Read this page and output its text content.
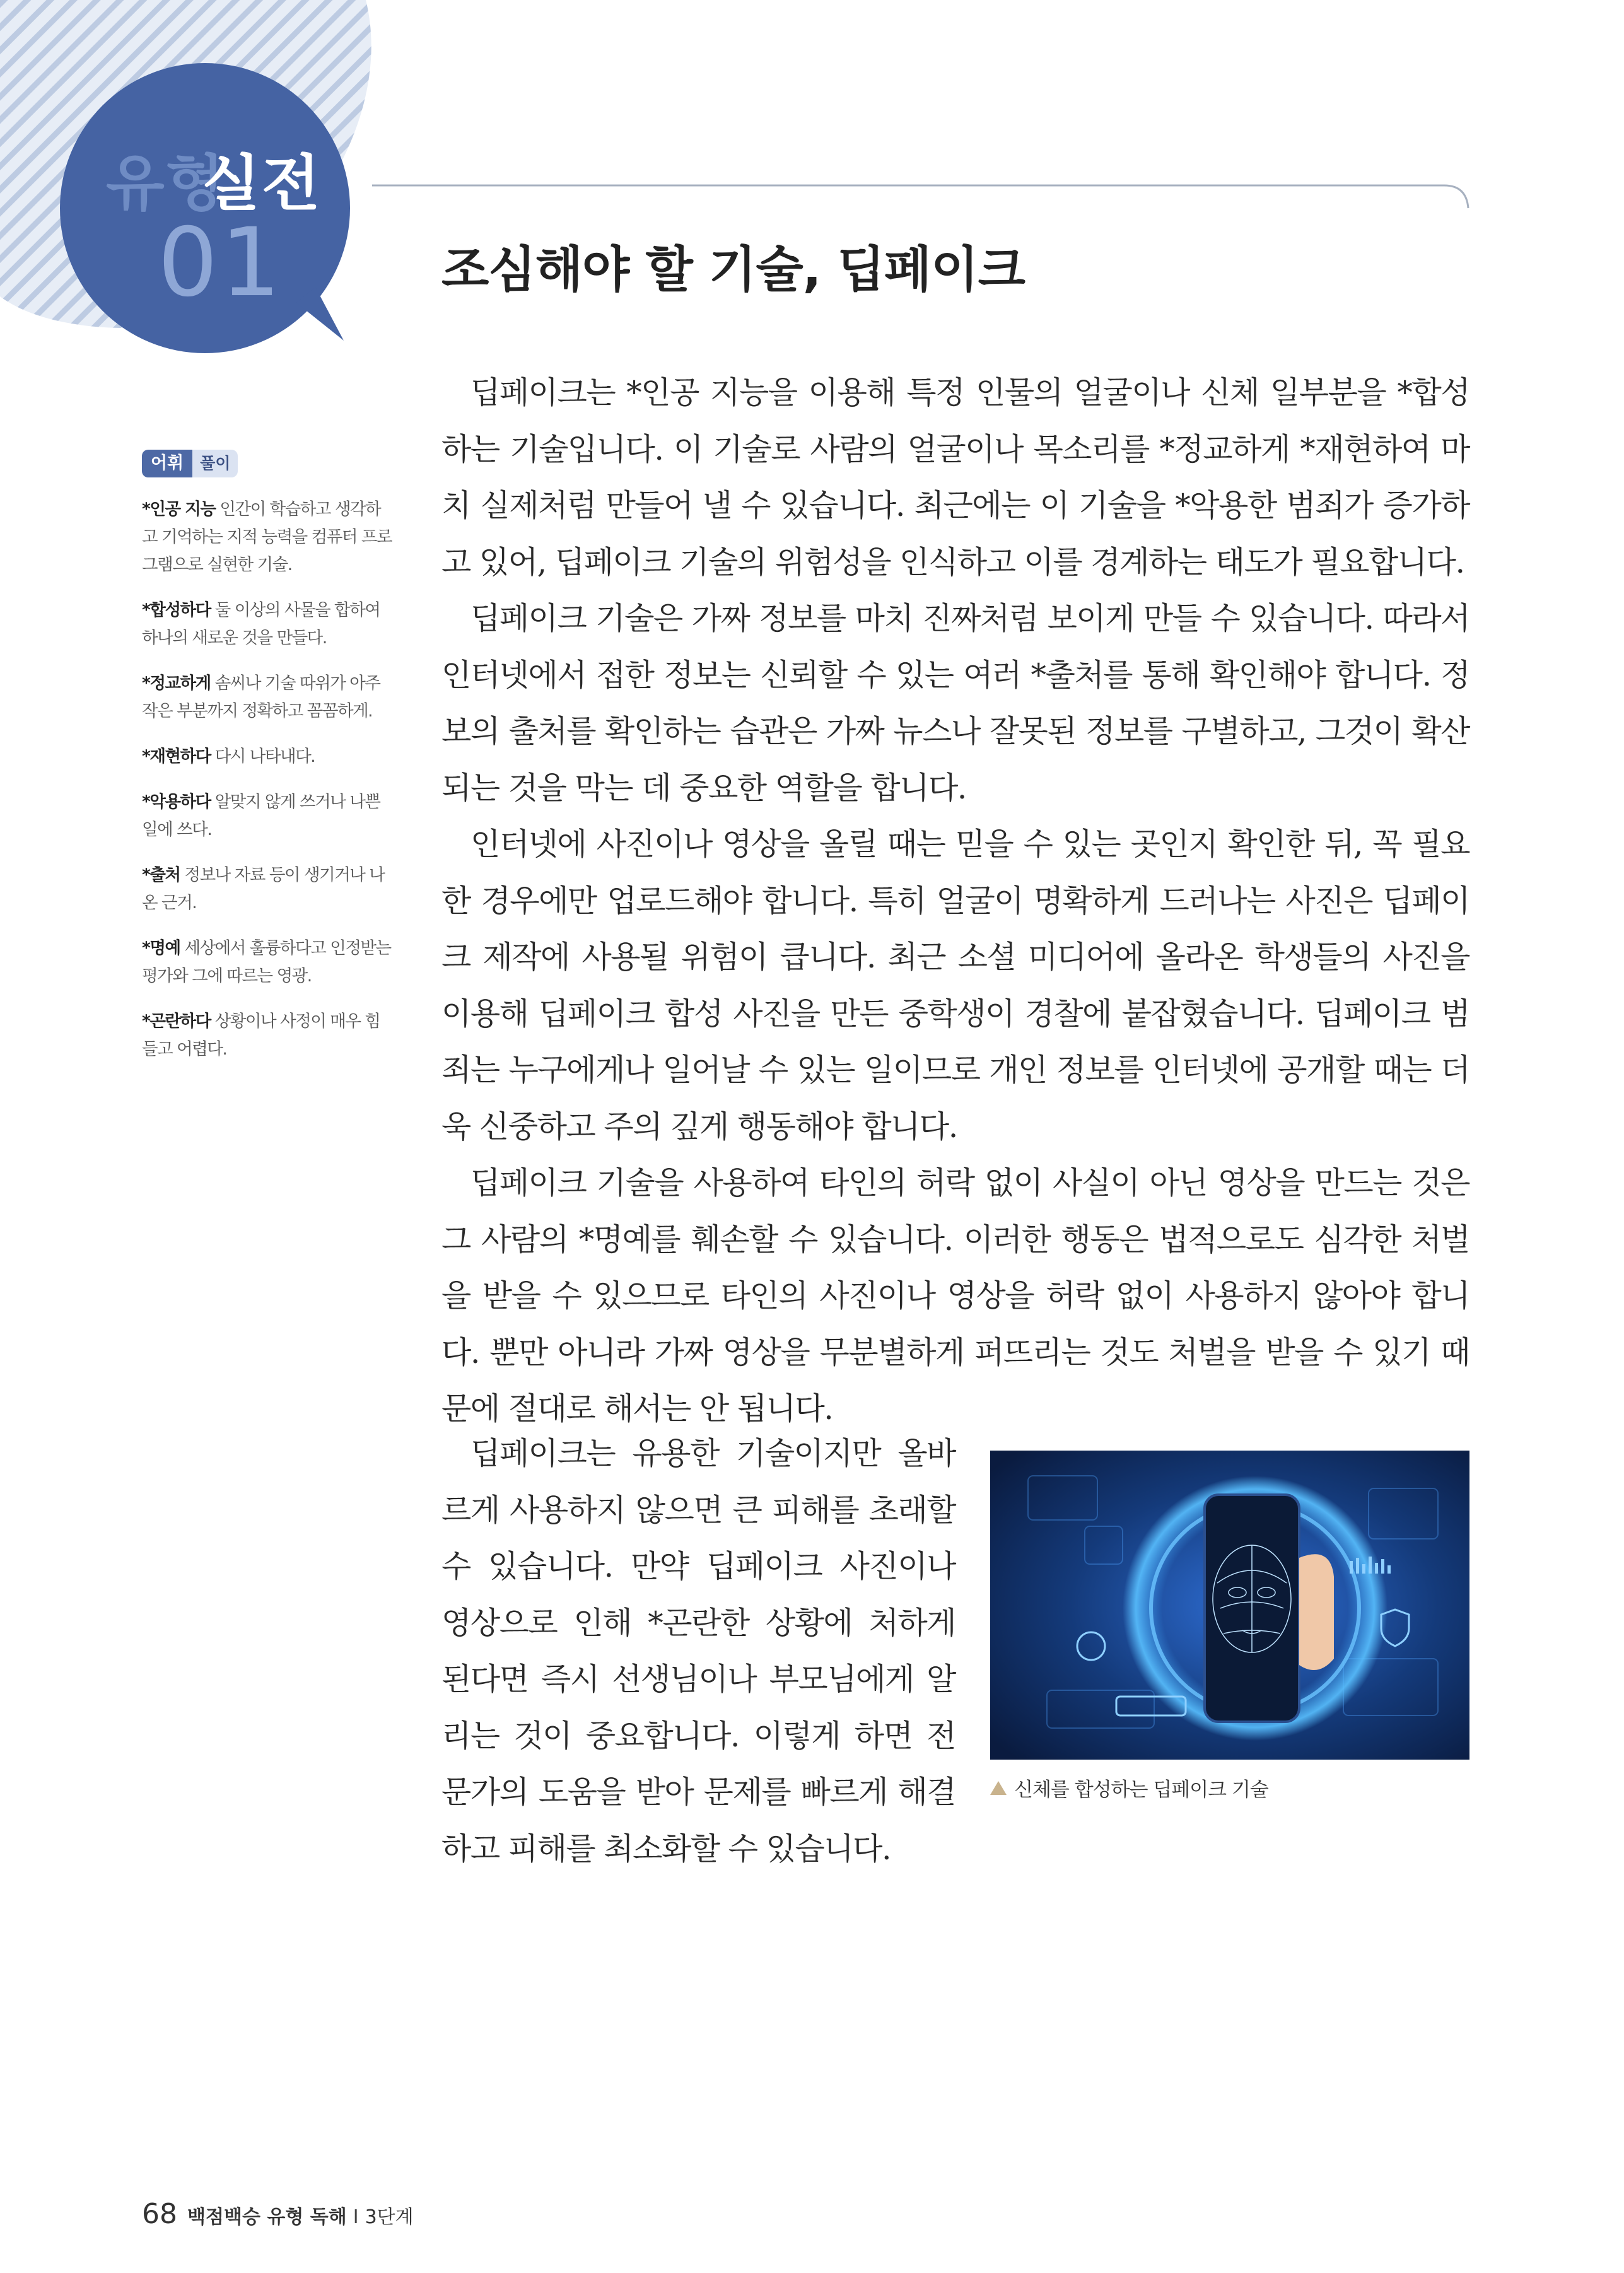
유형
실전
01	조심해야 할 기술, 딥페이크
어휘	풀이
*인공 지능 인간이 학습하고 생각하고 기억하는 지적 능력을 컴퓨터 프로그램으로 실현한 기술.
*합성하다 둘 이상의 사물을 합하여 하나의 새로운 것을 만들다.
*정교하게 솜씨나 기술 따위가 아주 작은 부분까지 정확하고 꼼꼼하게.
*재현하다 다시 나타내다.
*악용하다 알맞지 않게 쓰거나 나쁜 일에 쓰다.
*출처 정보나 자료 등이 생기거나 나온 근거.
*명예 세상에서 훌륭하다고 인정받는 평가와 그에 따르는 영광.
*곤란하다 상황이나 사정이 매우 힘들고 어렵다.

딥페이크는 *인공 지능을 이용해 특정 인물의 얼굴이나 신체 일부분을 *합성하는 기술입니다. 이 기술로 사람의 얼굴이나 목소리를 *정교하게 *재현하여 마치 실제처럼 만들어 낼 수 있습니다. 최근에는 이 기술을 *악용한 범죄가 증가하고 있어, 딥페이크 기술의 위험성을 인식하고 이를 경계하는 태도가 필요합니다.

딥페이크 기술은 가짜 정보를 마치 진짜처럼 보이게 만들 수 있습니다. 따라서 인터넷에서 접한 정보는 신뢰할 수 있는 여러 *출처를 통해 확인해야 합니다. 정보의 출처를 확인하는 습관은 가짜 뉴스나 잘못된 정보를 구별하고, 그것이 확산되는 것을 막는 데 중요한 역할을 합니다.

인터넷에 사진이나 영상을 올릴 때는 믿을 수 있는 곳인지 확인한 뒤, 꼭 필요한 경우에만 업로드해야 합니다. 특히 얼굴이 명확하게 드러나는 사진은 딥페이크 제작에 사용될 위험이 큽니다. 최근 소셜 미디어에 올라온 학생들의 사진을 이용해 딥페이크 합성 사진을 만든 중학생이 경찰에 붙잡혔습니다. 딥페이크 범죄는 누구에게나 일어날 수 있는 일이므로 개인 정보를 인터넷에 공개할 때는 더욱 신중하고 주의 깊게 행동해야 합니다.

딥페이크 기술을 사용하여 타인의 허락 없이 사실이 아닌 영상을 만드는 것은 그 사람의 *명예를 훼손할 수 있습니다. 이러한 행동은 법적으로도 심각한 처벌을 받을 수 있으므로 타인의 사진이나 영상을 허락 없이 사용하지 않아야 합니다. 뿐만 아니라 가짜 영상을 무분별하게 퍼뜨리는 것도 처벌을 받을 수 있기 때문에 절대로 해서는 안 됩니다.

딥페이크는 유용한 기술이지만 올바르게 사용하지 않으면 큰 피해를 초래할 수 있습니다. 만약 딥페이크 사진이나 영상으로 인해 *곤란한 상황에 처하게 된다면 즉시 선생님이나 부모님에게 알리는 것이 중요합니다. 이렇게 하면 전문가의 도움을 받아 문제를 빠르게 해결하고 피해를 최소화할 수 있습니다.

신체를 합성하는 딥페이크 기술
68 백점백승 유형 독해 I 3단계
